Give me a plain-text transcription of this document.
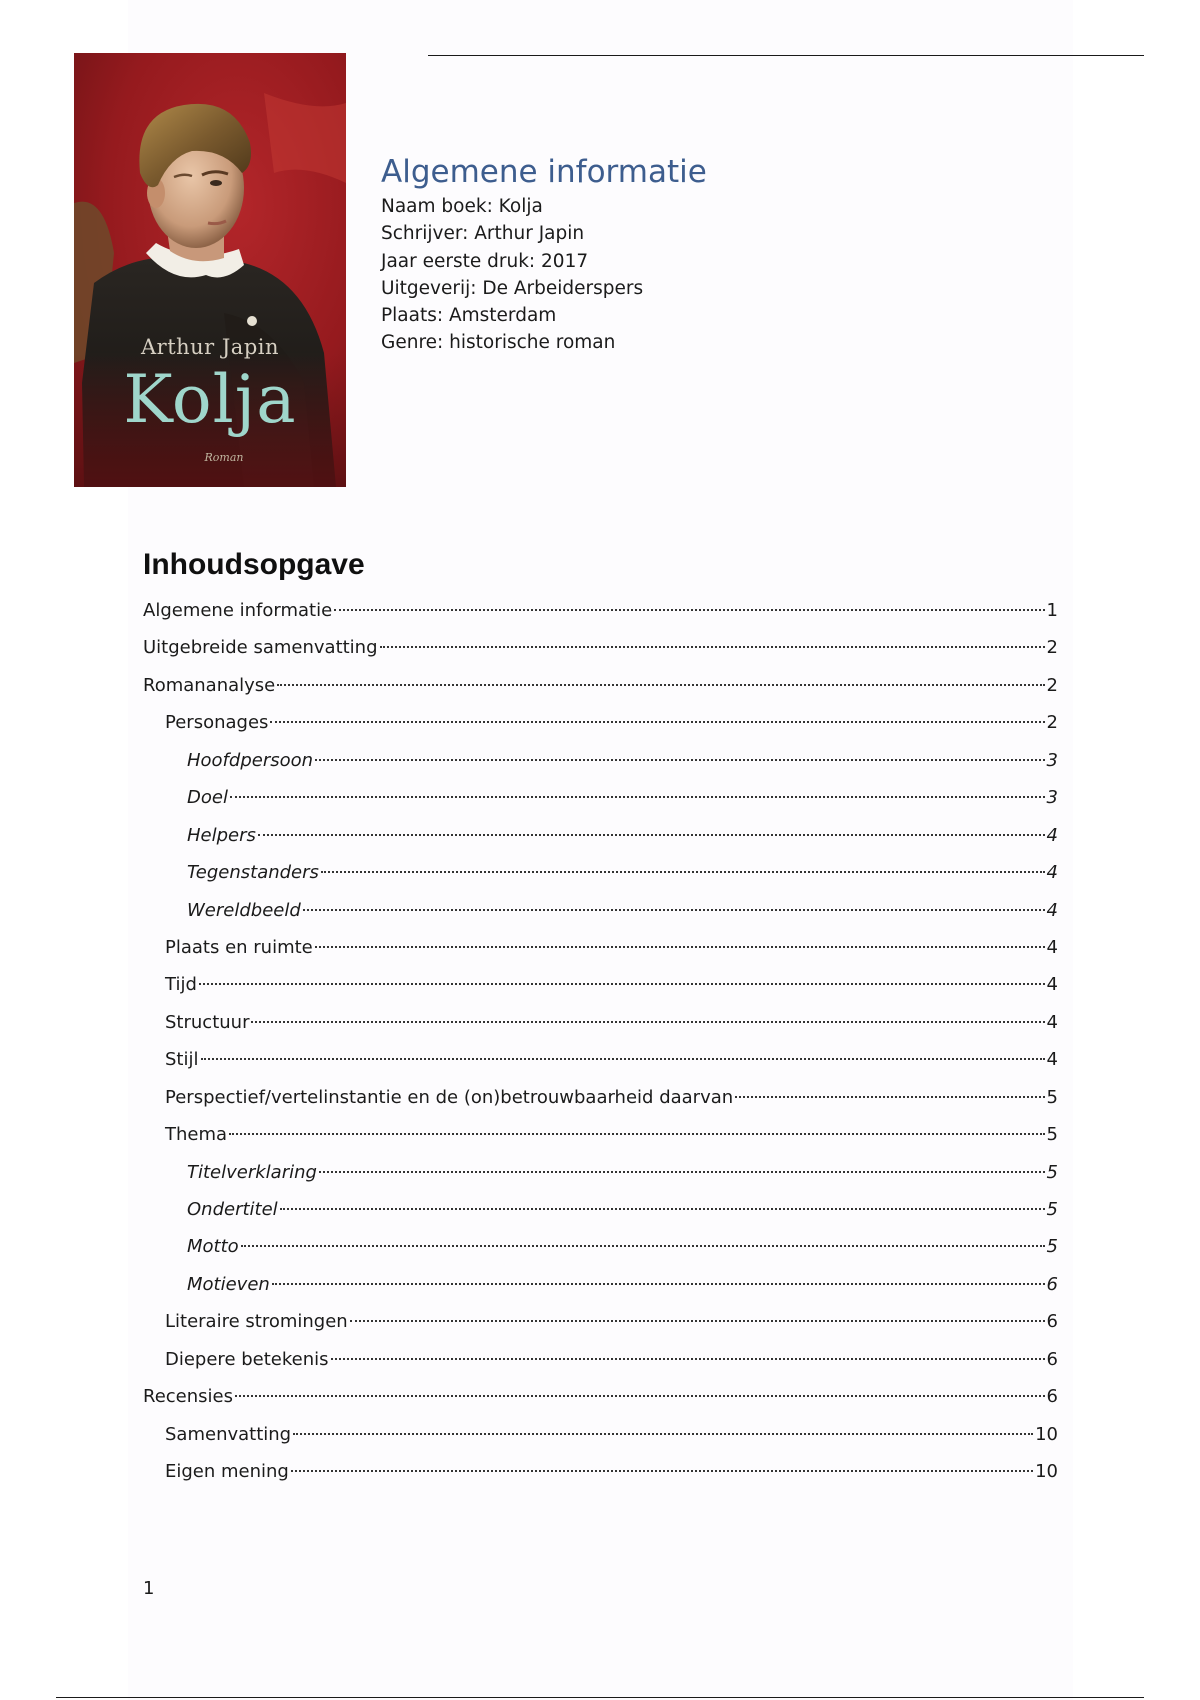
Arthur Japin
Kolja
Roman
Algemene informatie
Naam boek: Kolja
Schrijver: Arthur Japin
Jaar eerste druk: 2017
Uitgeverij: De Arbeiderspers
Plaats: Amsterdam
Genre: historische roman
Inhoudsopgave
Algemene informatie	1
Uitgebreide samenvatting	2
Romananalyse	2
Personages	2
Hoofdpersoon	3
Doel	3
Helpers	4
Tegenstanders	4
Wereldbeeld	4
Plaats en ruimte	4
Tijd	4
Structuur	4
Stijl	4
Perspectief/vertelinstantie en de (on)betrouwbaarheid daarvan	5
Thema	5
Titelverklaring	5
Ondertitel	5
Motto	5
Motieven	6
Literaire stromingen	6
Diepere betekenis	6
Recensies	6
Samenvatting	10
Eigen mening	10
1
